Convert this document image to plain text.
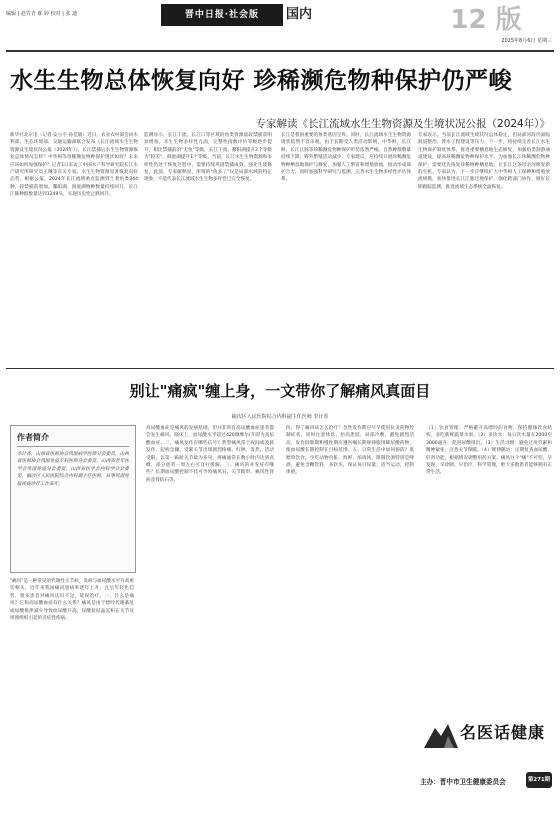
编辑 | 赵竹青 郝 婷 校对 | 张 迪	晋中日报·社会版	国内	12 版
2025年8月6日 星期三
水生生物总体恢复向好 珍稀濒危物种保护仍严峻
专家解读《长江流域水生生物资源及生境状况公报（2024年）》
新华社北京电（记者 安小平 孙佳敏）近日，农业农村部会同水利部、生态环境部、交通运输部联合发布《长江流域水生生物资源及生境状况公报（2024年）》。长江禁捕后水生生物资源恢复总体情况怎样？中华鲟等珍稀濒危物种保护现状如何？未来应该如何加强保护？记者1日采访了中国水产科学研究院长江水产研究所研究员王琳等有关专家。水生生物资源显著恢复向好态势。根据公报，2024年长江流域重点监测到土著鱼类344种，较禁捕前增加。鄱阳湖、洞庭湖物种数量持续回升，长江江豚种群数量达到1249头，实现历史性止跌回升。
监测显示，长江干流、长江口等区域的鱼类资源量较禁捕前明显增加。水生生物多样性方面，完整性指数评价等级逐步提升，相比禁捕前的"无鱼"等级，长江干流、鄱阳湖提升2个等级为"较差"，洞庭湖提升1个等级。当前，长江水生生物资源和多样性仍处于恢复过程中，需要持续巩固禁捕成效，强化生境修复。此前，专家解释说，所谓的"鱼多了"仅是局部水域的特定现象，不能代表长江流域水生生物多样性已完全恢复。
长江是我国重要的鱼类基因宝库。同时，长江流域水生生物资源现状依然不容乐观。由于长期受人类活动影响，中华鲟、长江鲟、长江江豚等珍稀濒危物种保护形势依然严峻。自然种群数量持续下降，野外繁殖活动减少。专家建议，应持续开展珍稀濒危物种栖息地保护与修复，加强人工繁育和增殖放流，推动形成保护合力。同时加强科学研究与监测，完善水生生物多样性评估体系。
专家表示，当前长江流域生境状况总体稳定，但局部河段仍面临航道整治、涉水工程建设等压力。下一步，将持续完善长江水生生物保护制度体系，推进重要栖息地生态修复，加强鱼类洄游通道建设，提高珍稀濒危物种保护水平。为加强长江珍稀濒危物种保护，需要优先恢复珍稀物种栖息地，让长江这条母亲河焕发新的生机。专家认为，下一步应继续扩大中华鲟人工保种和增殖放流规模，加快推进长江江豚迁地保护，强化跨部门协作，做好长期跟踪监测，推进流域生态系统全面恢复。
别让"痛疯"缠上身，一文带你了解痛风真面目
榆次区人民医院综合内科副主任医师 李计香
作者简介
李计香，山西省医师协会风湿病学医师分会委员，山西省医师协会风湿免疫专科医师分会委员，山西省老年医学会风湿免疫分会委员，山西省医学会内科学分会委员，榆次区人民医院综合内科副主任医师，从事风湿免疫疾病诊疗工作多年。
"痛风"是一种常见的代谢性关节病，发病与血尿酸水平升高密切相关。近年来我国痛风患病率逐年上升，且呈年轻化趋势，很多患者对痛风认识不足，延误治疗。一、什么是痛风？它和高尿酸血症有什么关系？痛风是由于嘌呤代谢紊乱或尿酸排泄减少导致血尿酸升高，尿酸盐结晶沉积在关节及周围组织引起的炎症性疾病。
高尿酸血症是痛风的发病基础，但并非所有高尿酸血症患者都会发生痛风。临床上，血尿酸水平超过420微摩尔/升即为高尿酸血症。二、痛风发作有哪些信号？典型痛风常于夜间或凌晨发作，起病急骤，受累关节出现剧烈疼痛、红肿、发热，活动受限，以第一跖趾关节最为多见。疼痛通常在数小时内达到高峰，部分患者一周左右可自行缓解。三、痛风的并发症有哪些？长期血尿酸控制不佳可导致痛风石、关节畸形、痛风性肾病及肾结石等。
四、得了痛风该怎么治疗？急性发作期应尽早使用抗炎药物控制症状，同时注意休息、抬高患肢、局部冷敷，避免剧烈活动。发作间歇期和慢性期应遵医嘱长期规律服用降尿酸药物，使血尿酸长期控制在目标范围。五、日常生活中如何预防？低嘌呤饮食，少吃动物内脏、海鲜、浓肉汤，限制饮酒特别是啤酒，避免含糖饮料，多饮水，保证每日尿量；适当运动，控制体重。
（1）饮食管理：严格避开高嘌呤的食物，保持健康饮食结构，多吃新鲜蔬菜水果。（2）多饮水：每日饮水量在2000至3000毫升，促进尿酸排出。（3）生活习惯：避免过度劳累和精神紧张，注意关节保暖。（4）规律随访：定期复查血尿酸、肝肾功能，根据情况调整用药方案。痛风这个"痛"不可怕，早发现、早诊断、早治疗，科学管理，绝大多数患者能够拥有正常生活。
名医话健康
主办：晋中市卫生健康委员会	第271期
